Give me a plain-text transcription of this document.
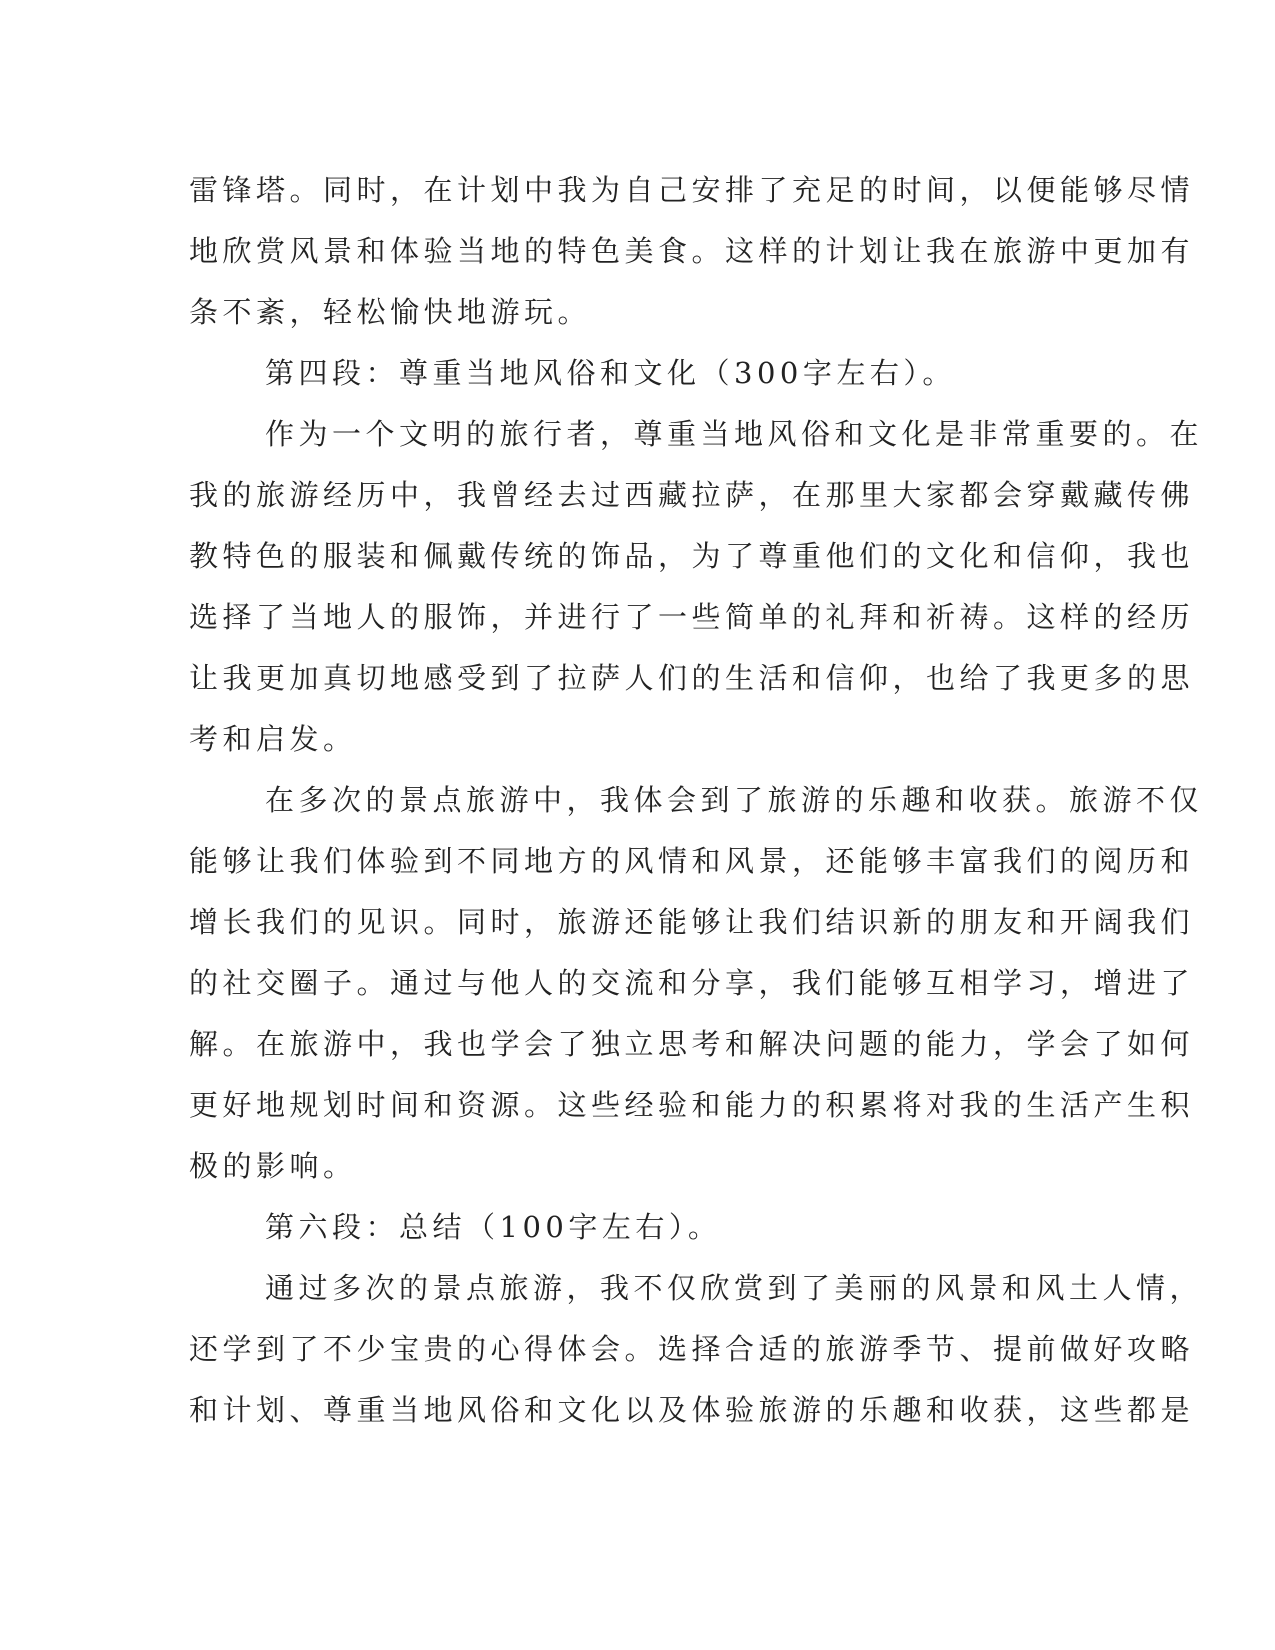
雷锋塔。同时，在计划中我为自己安排了充足的时间，以便能够尽情
地欣赏风景和体验当地的特色美食。这样的计划让我在旅游中更加有
条不紊，轻松愉快地游玩。

第四段：尊重当地风俗和文化（300字左右）。

作为一个文明的旅行者，尊重当地风俗和文化是非常重要的。在
我的旅游经历中，我曾经去过西藏拉萨，在那里大家都会穿戴藏传佛
教特色的服装和佩戴传统的饰品，为了尊重他们的文化和信仰，我也
选择了当地人的服饰，并进行了一些简单的礼拜和祈祷。这样的经历
让我更加真切地感受到了拉萨人们的生活和信仰，也给了我更多的思
考和启发。

在多次的景点旅游中，我体会到了旅游的乐趣和收获。旅游不仅
能够让我们体验到不同地方的风情和风景，还能够丰富我们的阅历和
增长我们的见识。同时，旅游还能够让我们结识新的朋友和开阔我们
的社交圈子。通过与他人的交流和分享，我们能够互相学习，增进了
解。在旅游中，我也学会了独立思考和解决问题的能力，学会了如何
更好地规划时间和资源。这些经验和能力的积累将对我的生活产生积
极的影响。

第六段：总结（100字左右）。

通过多次的景点旅游，我不仅欣赏到了美丽的风景和风土人情，
还学到了不少宝贵的心得体会。选择合适的旅游季节、提前做好攻略
和计划、尊重当地风俗和文化以及体验旅游的乐趣和收获，这些都是
